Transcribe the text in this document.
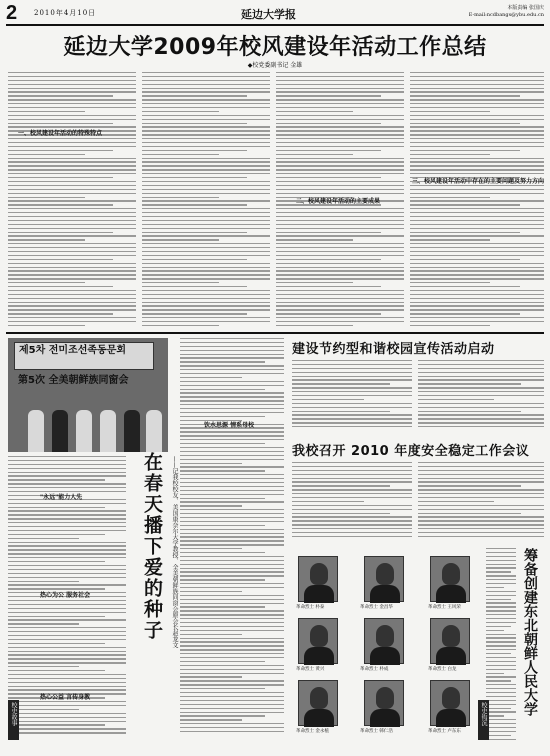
2 2010年4月10日	延边大学报	本版责编 张国庆
E-mail:ncdbangs@ybu.edu.cn
延边大学2009年校风建设年活动工作总结
◆校党委副书记 金雄
一、校风建设年活动的特殊特点
二、校风建设年活动的主要成果
三、校风建设年活动中存在的主要问题及努力方向
제5차 전미조선족동문회
第5次 全美朝鲜族同窗会
"永远"能力人先
热心为公 服务社会
热心公益 言传身教
在春天播下爱的种子 ——记我校校友、美国康奈尔大学教授、全美朝鲜族同窗会原会长赵龙文
饮水思源 情系母校
校史故事
建设节约型和谐校园宣传活动启动
我校召开 2010 年度安全稳定工作会议
革命烈士 朴泰	革命烈士 金昌华	革命烈士 王风荣
革命烈士 黄兴	革命烈士 朴成	革命烈士 白龙
革命烈士 金永植	革命烈士 韩仁浩	革命烈士 卢东东
筹备创建东北朝鲜人民大学
校史钩沉
